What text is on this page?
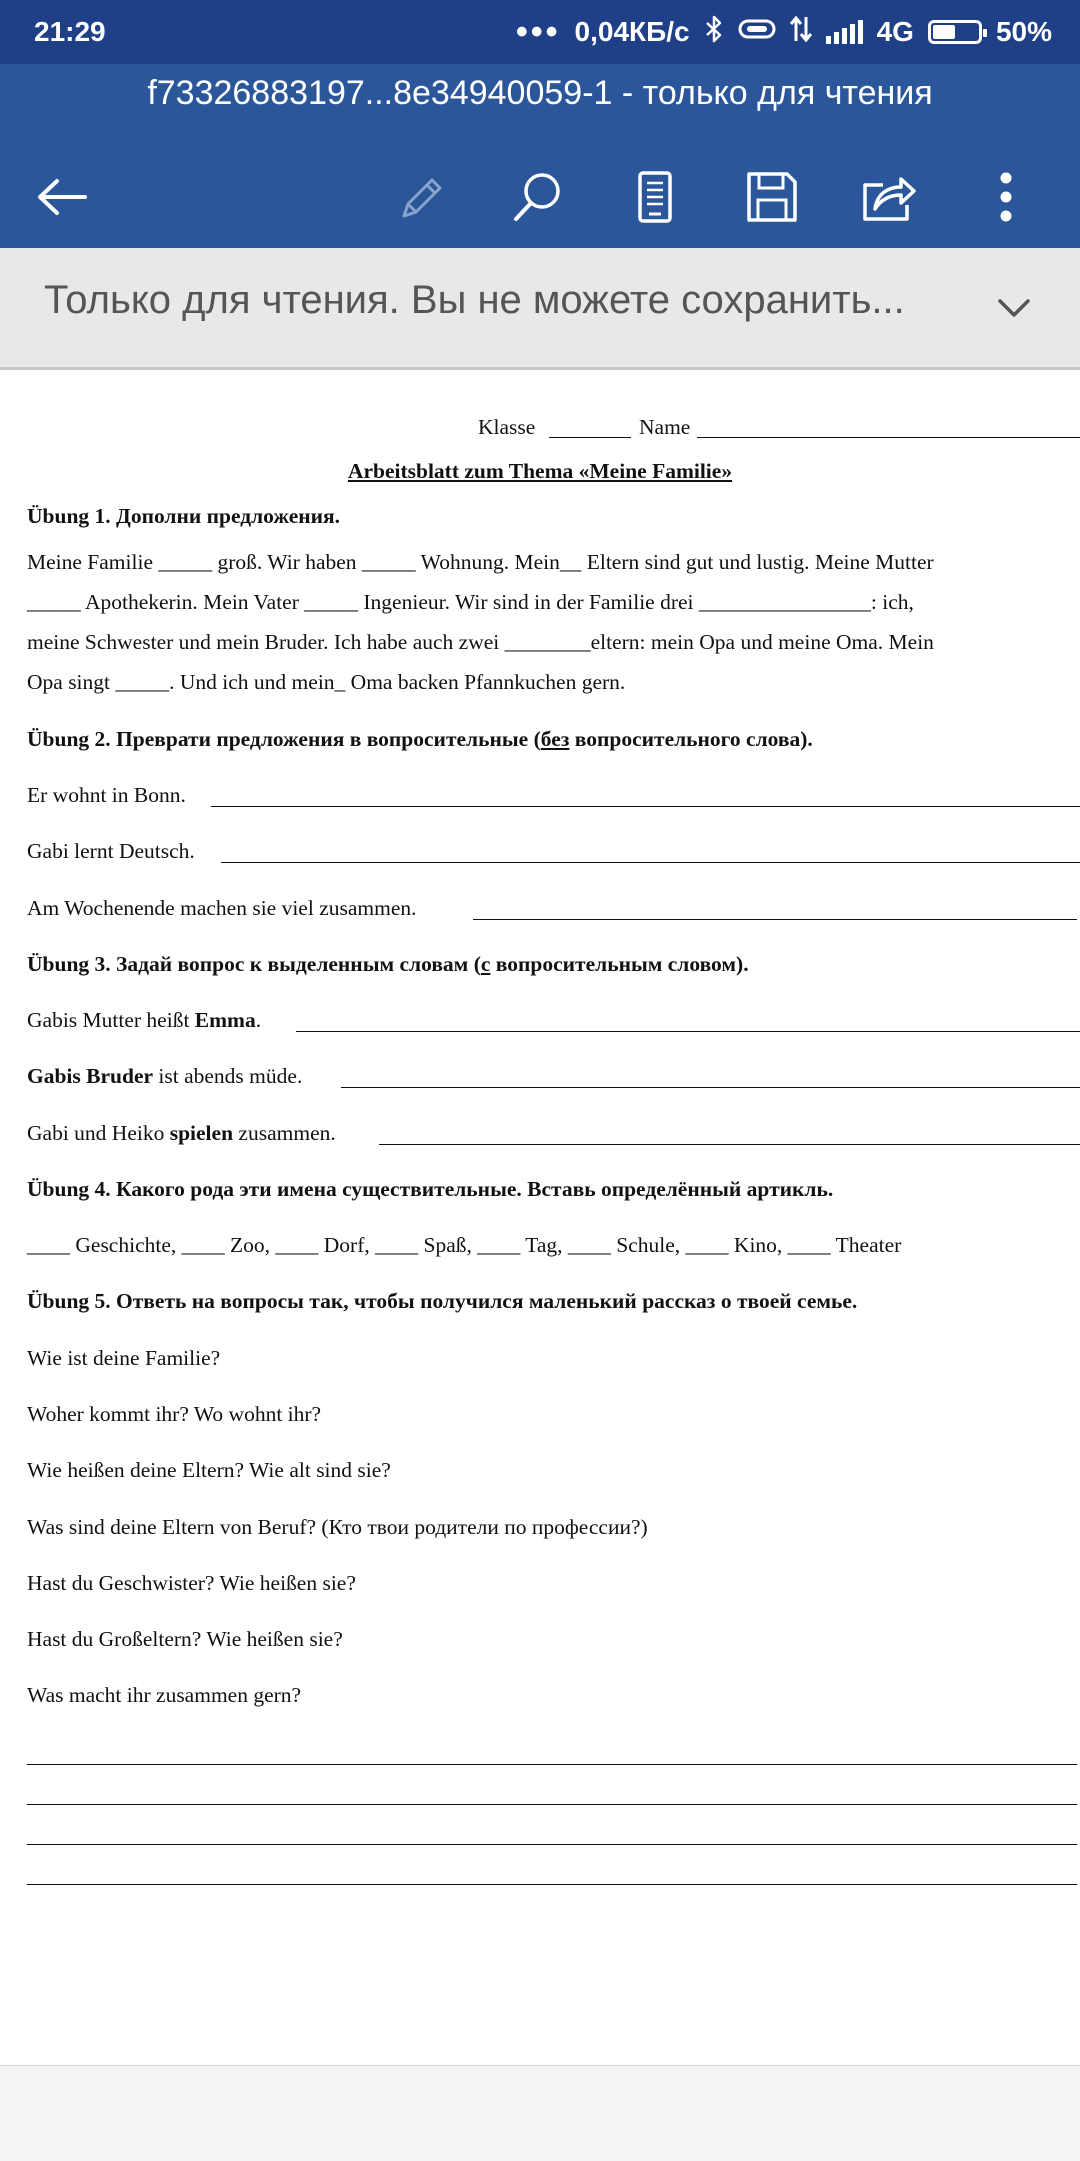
21:29	••• 0,04КБ/с	4G	50%
f73326883197...8e34940059-1 - только для чтения
Только для чтения. Вы не можете сохранить...
Klasse	Name
Arbeitsblatt zum Thema «Meine Familie»
Übung 1. Дополни предложения.
Meine Familie _____ groß. Wir haben _____ Wohnung. Mein__ Eltern sind gut und lustig. Meine Mutter
_____ Apothekerin. Mein Vater _____ Ingenieur. Wir sind in der Familie drei ________________: ich,
meine Schwester und mein Bruder. Ich habe auch zwei ________eltern: mein Opa und meine Oma. Mein
Opa singt _____. Und ich und mein_ Oma backen Pfannkuchen gern.
Übung 2. Преврати предложения в вопросительные (без вопросительного слова).
Er wohnt in Bonn.
Gabi lernt Deutsch.
Am Wochenende machen sie viel zusammen.
Übung 3. Задай вопрос к выделенным словам (с вопросительным словом).
Gabis Mutter heißt Emma.
Gabis Bruder ist abends müde.
Gabi und Heiko spielen zusammen.
Übung 4. Какого рода эти имена существительные. Вставь определённый артикль.
____ Geschichte, ____ Zoo, ____ Dorf, ____ Spaß, ____ Tag, ____ Schule, ____ Kino, ____ Theater
Übung 5. Ответь на вопросы так, чтобы получился маленький рассказ о твоей семье.
Wie ist deine Familie?
Woher kommt ihr? Wo wohnt ihr?
Wie heißen deine Eltern? Wie alt sind sie?
Was sind deine Eltern von Beruf? (Кто твои родители по профессии?)
Hast du Geschwister? Wie heißen sie?
Hast du Großeltern? Wie heißen sie?
Was macht ihr zusammen gern?
